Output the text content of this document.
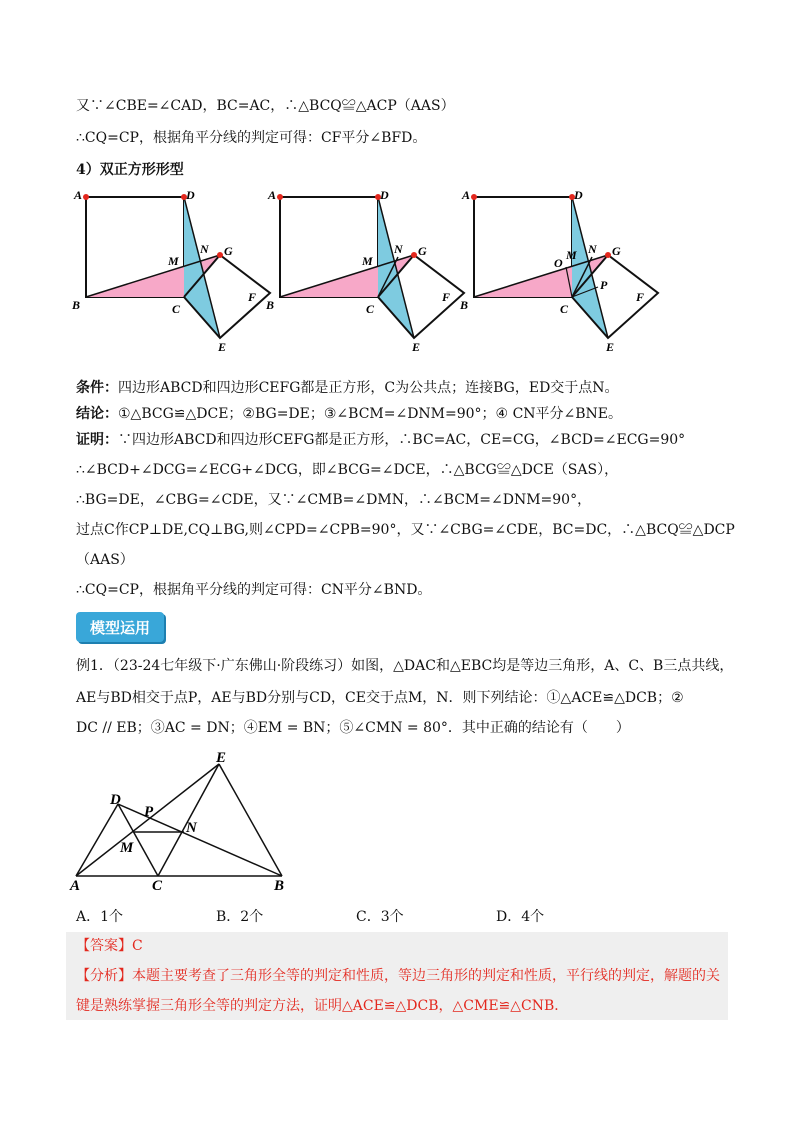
又∵∠CBE=∠CAD，BC=AC，∴△BCQ≌△ACP（AAS）
∴CQ=CP，根据角平分线的判定可得：CF平分∠BFD。
4）双正方形形型
A	D
B	C
G
N
M
F
E
A	D
B	C
G
N
M
F
E
A	D
B	C
G
N
M
O
P
F
E
条件：四边形ABCD和四边形CEFG都是正方形，C为公共点；连接BG，ED交于点N。
结论：①△BCG≌△DCE；②BG=DE；③∠BCM=∠DNM=90°；④ CN平分∠BNE。
证明：∵四边形ABCD和四边形CEFG都是正方形，∴BC=AC，CE=CG，∠BCD=∠ECG=90°
∴∠BCD+∠DCG=∠ECG+∠DCG，即∠BCG=∠DCE，∴△BCG≌△DCE（SAS），
∴BG=DE，∠CBG=∠CDE，又∵∠CMB=∠DMN，∴∠BCM=∠DNM=90°，
过点C作CP⊥DE,CQ⊥BG,则∠CPD=∠CPB=90°，又∵∠CBG=∠CDE，BC=DC，∴△BCQ≌△DCP
（AAS）
∴CQ=CP，根据角平分线的判定可得：CN平分∠BND。
模型运用
例1．（23-24七年级下·广东佛山·阶段练习）如图，△DAC和△EBC均是等边三角形，A、C、B三点共线，
AE与BD相交于点P，AE与BD分别与CD，CE交于点M，N．则下列结论：①△ACE≌△DCB；②
DC // EB；③AC = DN；④EM = BN；⑤∠CMN = 80°．其中正确的结论有（　　）
A	C	B
D
E
P
N
M
A．1个	B．2个	C．3个	D．4个
【答案】C
【分析】本题主要考查了三角形全等的判定和性质，等边三角形的判定和性质，平行线的判定，解题的关
键是熟练掌握三角形全等的判定方法，证明△ACE≌△DCB，△CME≌△CNB．
